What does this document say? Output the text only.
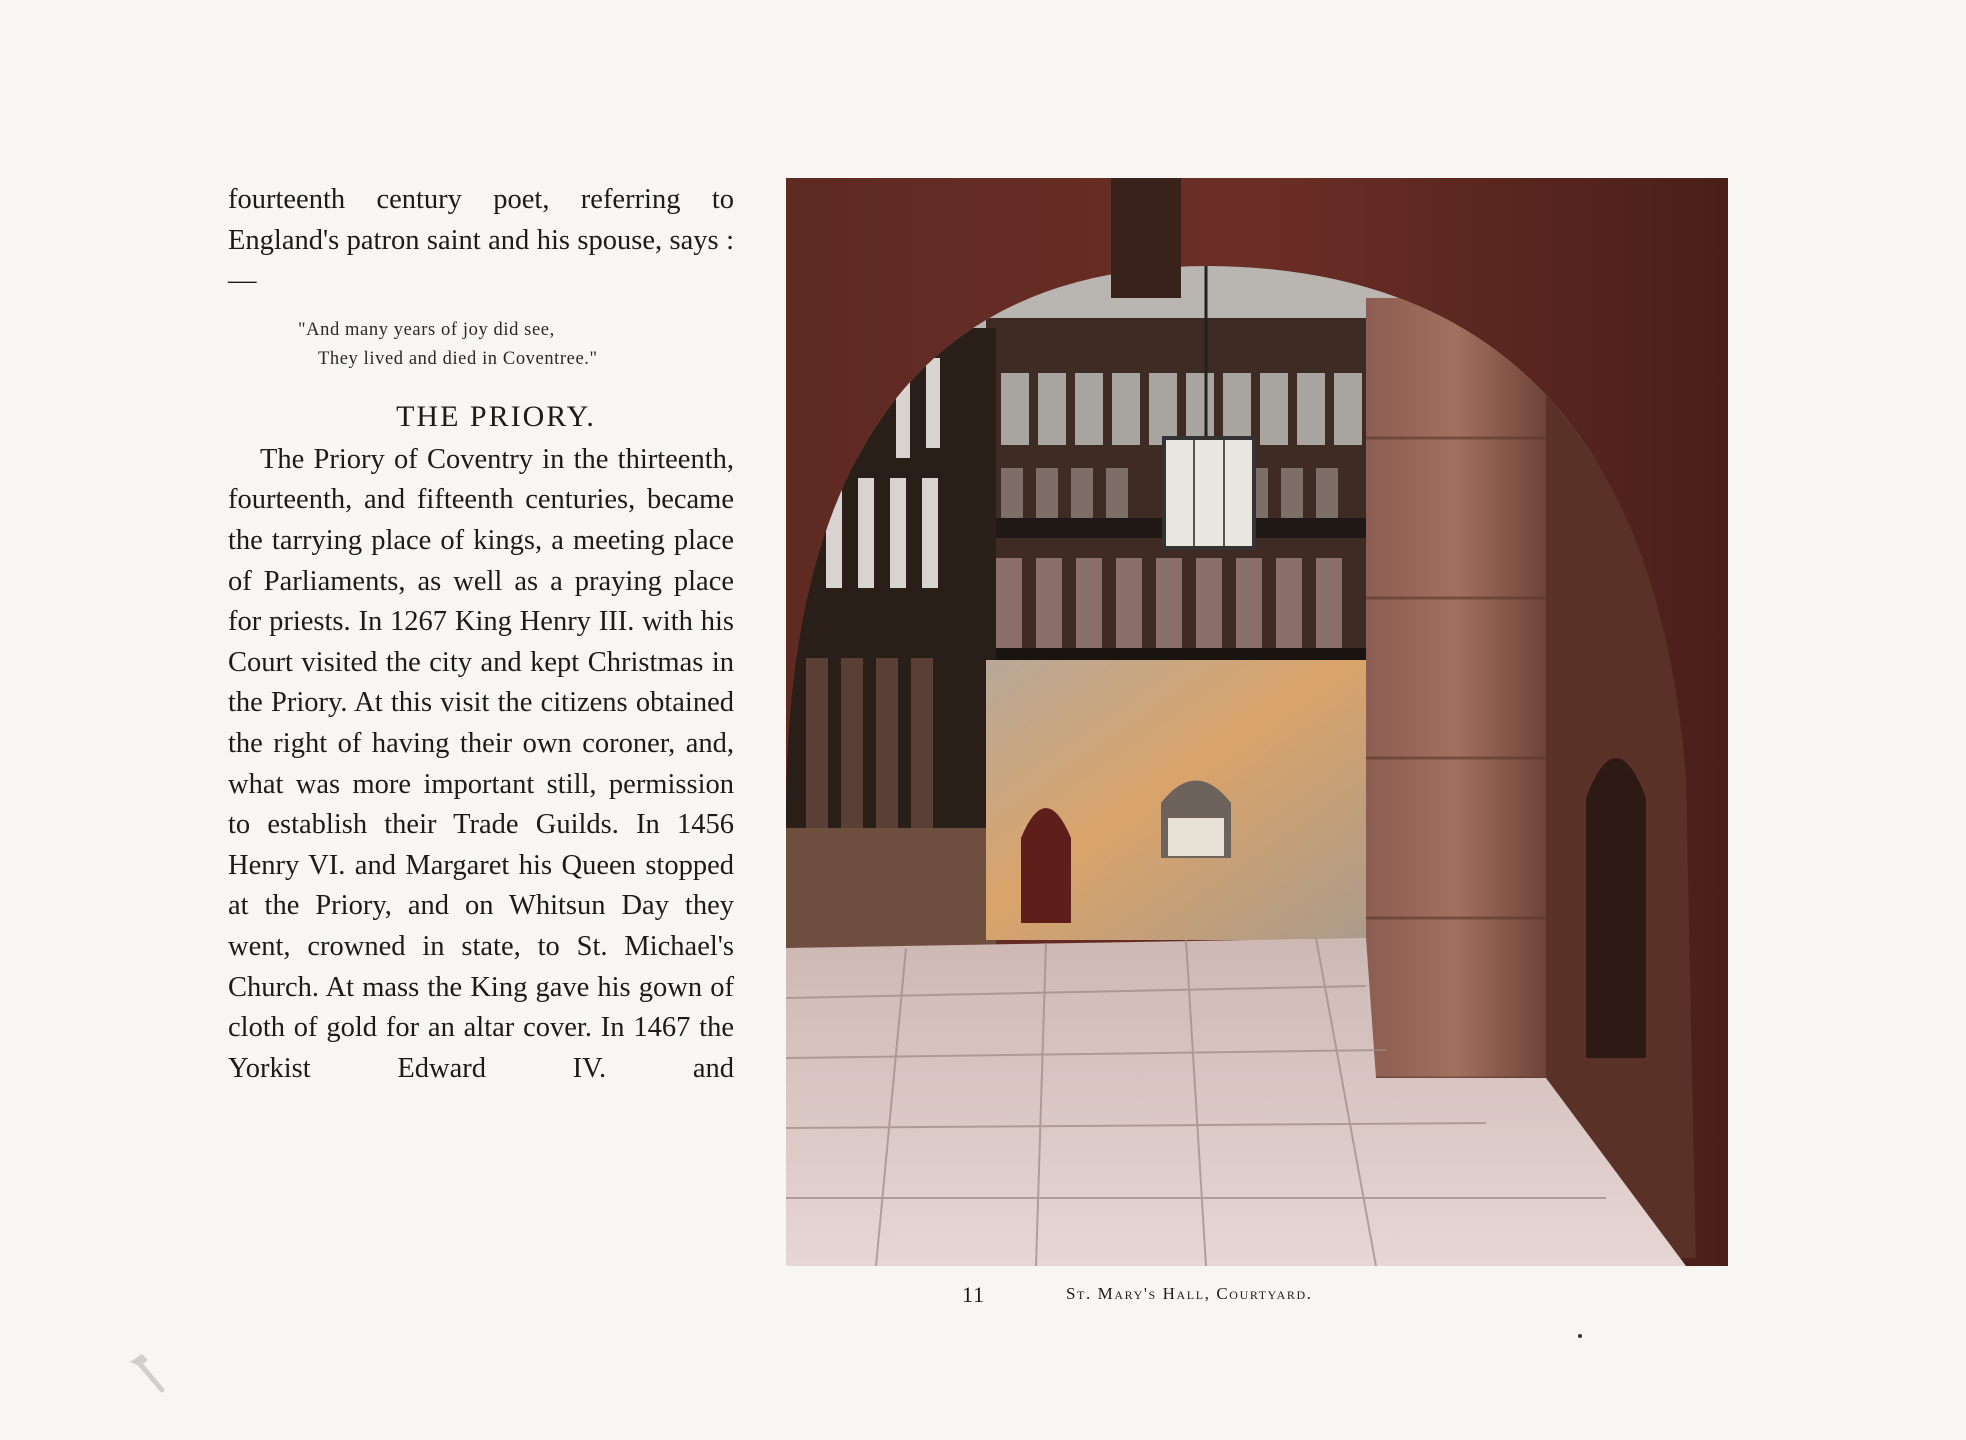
fourteenth century poet, referring to England's patron saint and his spouse, says :—

"And many years of joy did see,
They lived and died in Coventree."
THE PRIORY.

The Priory of Coventry in the thirteenth, fourteenth, and fifteenth centuries, became the tarrying place of kings, a meeting place of Parliaments, as well as a praying place for priests. In 1267 King Henry III. with his Court visited the city and kept Christmas in the Priory. At this visit the citizens obtained the right of having their own coroner, and, what was more important still, permission to establish their Trade Guilds. In 1456 Henry VI. and Margaret his Queen stopped at the Priory, and on Whitsun Day they went, crowned in state, to St. Michael's Church. At mass the King gave his gown of cloth of gold for an altar cover. In 1467 the Yorkist Edward IV. and

11	St. Mary's Hall, Courtyard.
